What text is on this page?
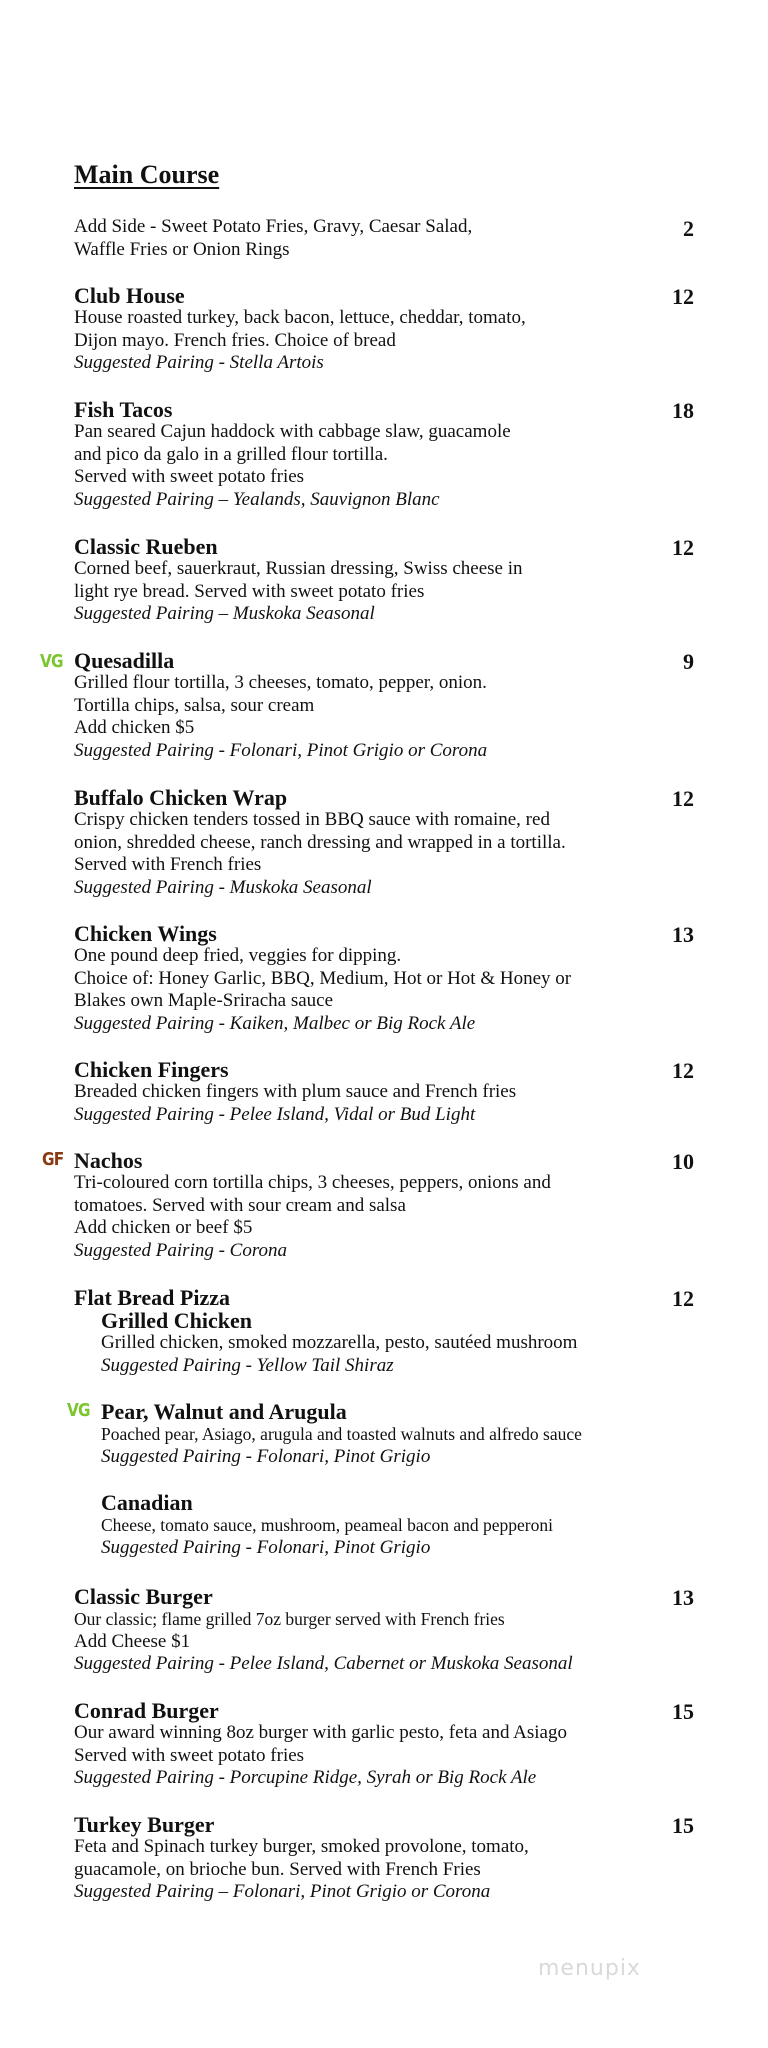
Main Course
Add Side - Sweet Potato Fries, Gravy, Caesar Salad,
Waffle Fries or Onion Rings
2
Club House
House roasted turkey, back bacon, lettuce, cheddar, tomato,
Dijon mayo. French fries. Choice of bread
Suggested Pairing - Stella Artois
12
Fish Tacos
Pan seared Cajun haddock with cabbage slaw, guacamole
and pico da galo in a grilled flour tortilla.
Served with sweet potato fries
Suggested Pairing – Yealands, Sauvignon Blanc
18
Classic Rueben
Corned beef, sauerkraut, Russian dressing, Swiss cheese in
light rye bread. Served with sweet potato fries
Suggested Pairing – Muskoka Seasonal
12
VG Quesadilla
Grilled flour tortilla, 3 cheeses, tomato, pepper, onion.
Tortilla chips, salsa, sour cream
Add chicken $5
Suggested Pairing - Folonari, Pinot Grigio or Corona
9
Buffalo Chicken Wrap
Crispy chicken tenders tossed in BBQ sauce with romaine, red
onion, shredded cheese, ranch dressing and wrapped in a tortilla.
Served with French fries
Suggested Pairing - Muskoka Seasonal
12
Chicken Wings
One pound deep fried, veggies for dipping.
Choice of: Honey Garlic, BBQ, Medium, Hot or Hot & Honey or
Blakes own Maple-Sriracha sauce
Suggested Pairing - Kaiken, Malbec or Big Rock Ale
13
Chicken Fingers
Breaded chicken fingers with plum sauce and French fries
Suggested Pairing - Pelee Island, Vidal or Bud Light
12
GF Nachos
Tri-coloured corn tortilla chips, 3 cheeses, peppers, onions and
tomatoes. Served with sour cream and salsa
Add chicken or beef $5
Suggested Pairing - Corona
10
Flat Bread Pizza	12
Grilled Chicken
Grilled chicken, smoked mozzarella, pesto, sautéed mushroom
Suggested Pairing - Yellow Tail Shiraz
VG Pear, Walnut and Arugula
Poached pear, Asiago, arugula and toasted walnuts and alfredo sauce
Suggested Pairing - Folonari, Pinot Grigio
Canadian
Cheese, tomato sauce, mushroom, peameal bacon and pepperoni
Suggested Pairing - Folonari, Pinot Grigio
Classic Burger
Our classic; flame grilled 7oz burger served with French fries
Add Cheese $1
Suggested Pairing - Pelee Island, Cabernet or Muskoka Seasonal
13
Conrad Burger
Our award winning 8oz burger with garlic pesto, feta and Asiago
Served with sweet potato fries
Suggested Pairing - Porcupine Ridge, Syrah or Big Rock Ale
15
Turkey Burger
Feta and Spinach turkey burger, smoked provolone, tomato,
guacamole, on brioche bun. Served with French Fries
Suggested Pairing – Folonari, Pinot Grigio or Corona
15
menupix
